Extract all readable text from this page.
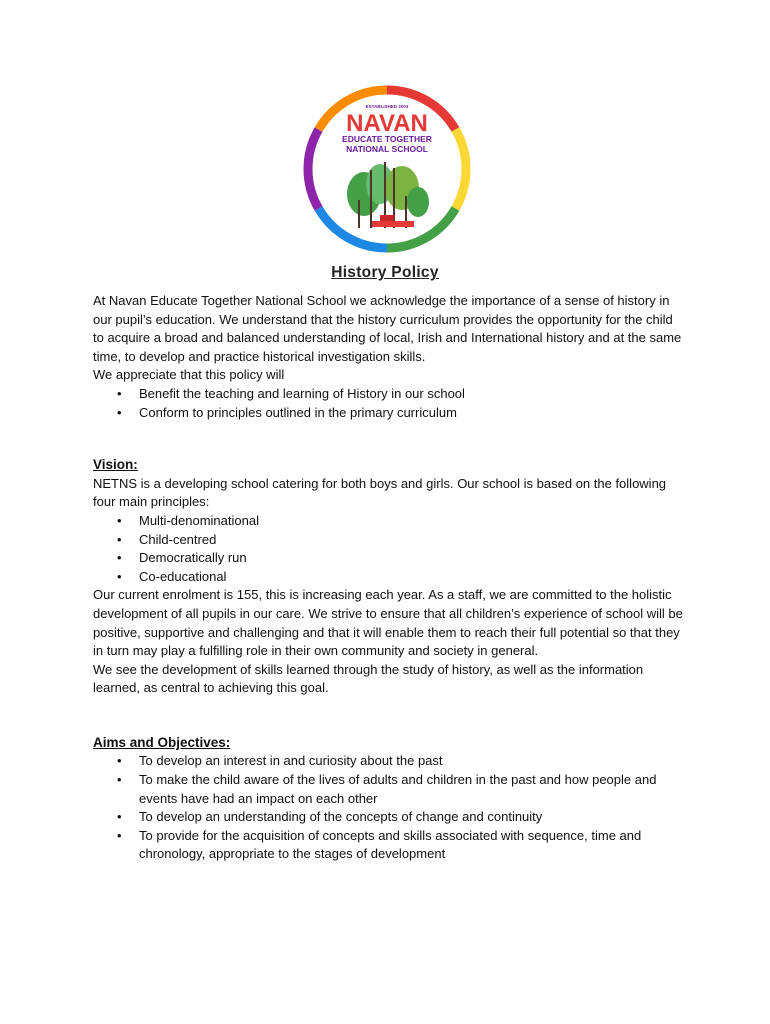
ESTABLISHED 2003
NAVAN
EDUCATE TOGETHER
NATIONAL SCHOOL
History Policy

At Navan Educate Together National School we acknowledge the importance of a sense of history in our pupil’s education. We understand that the history curriculum provides the opportunity for the child to acquire a broad and balanced understanding of local, Irish and International history and at the same time, to develop and practice historical investigation skills.

We appreciate that this policy will

• Benefit the teaching and learning of History in our school
• Conform to principles outlined in the primary curriculum

Vision:

NETNS is a developing school catering for both boys and girls. Our school is based on the following four main principles:

• Multi-denominational
• Child-centred
• Democratically run
• Co-educational

Our current enrolment is 155, this is increasing each year. As a staff, we are committed to the holistic development of all pupils in our care. We strive to ensure that all children’s experience of school will be positive, supportive and challenging and that it will enable them to reach their full potential so that they in turn may play a fulfilling role in their own community and society in general.

We see the development of skills learned through the study of history, as well as the information learned, as central to achieving this goal.

Aims and Objectives:

• To develop an interest in and curiosity about the past
• To make the child aware of the lives of adults and children in the past and how people and events have had an impact on each other
• To develop an understanding of the concepts of change and continuity
• To provide for the acquisition of concepts and skills associated with sequence, time and chronology, appropriate to the stages of development
